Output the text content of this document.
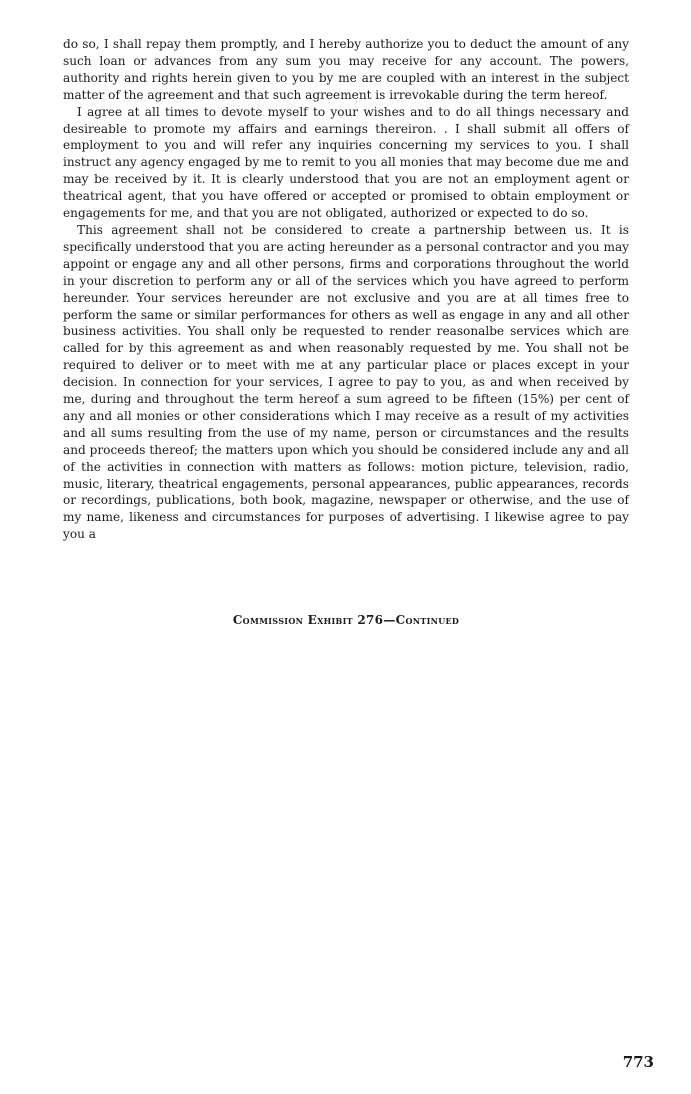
do so, I shall repay them promptly, and I hereby authorize you to deduct the amount of any such loan or advances from any sum you may receive for any account. The powers, authority and rights herein given to you by me are coupled with an interest in the subject matter of the agreement and that such agreement is irrevokable during the term hereof.

I agree at all times to devote myself to your wishes and to do all things necessary and desireable to promote my affairs and earnings thereiron. . I shall submit all offers of employment to you and will refer any inquiries concerning my services to you. I shall instruct any agency engaged by me to remit to you all monies that may become due me and may be received by it. It is clearly understood that you are not an employment agent or theatrical agent, that you have offered or accepted or promised to obtain employment or engagements for me, and that you are not obligated, authorized or expected to do so.

This agreement shall not be considered to create a partnership between us. It is specifically understood that you are acting hereunder as a personal contractor and you may appoint or engage any and all other persons, firms and corporations throughout the world in your discretion to perform any or all of the services which you have agreed to perform hereunder. Your services hereunder are not exclusive and you are at all times free to perform the same or similar performances for others as well as engage in any and all other business activities. You shall only be requested to render reasonalbe services which are called for by this agreement as and when reasonably requested by me. You shall not be required to deliver or to meet with me at any particular place or places except in your decision. In connection for your services, I agree to pay to you, as and when received by me, during and throughout the term hereof a sum agreed to be fifteen (15%) per cent of any and all monies or other considerations which I may receive as a result of my activities and all sums resulting from the use of my name, person or circumstances and the results and proceeds thereof; the matters upon which you should be considered include any and all of the activities in connection with matters as follows: motion picture, television, radio, music, literary, theatrical engagements, personal appearances, public appearances, records or recordings, publications, both book, magazine, newspaper or otherwise, and the use of my name, likeness and circumstances for purposes of advertising. I likewise agree to pay you a

Commission Exhibit 276—Continued
773
